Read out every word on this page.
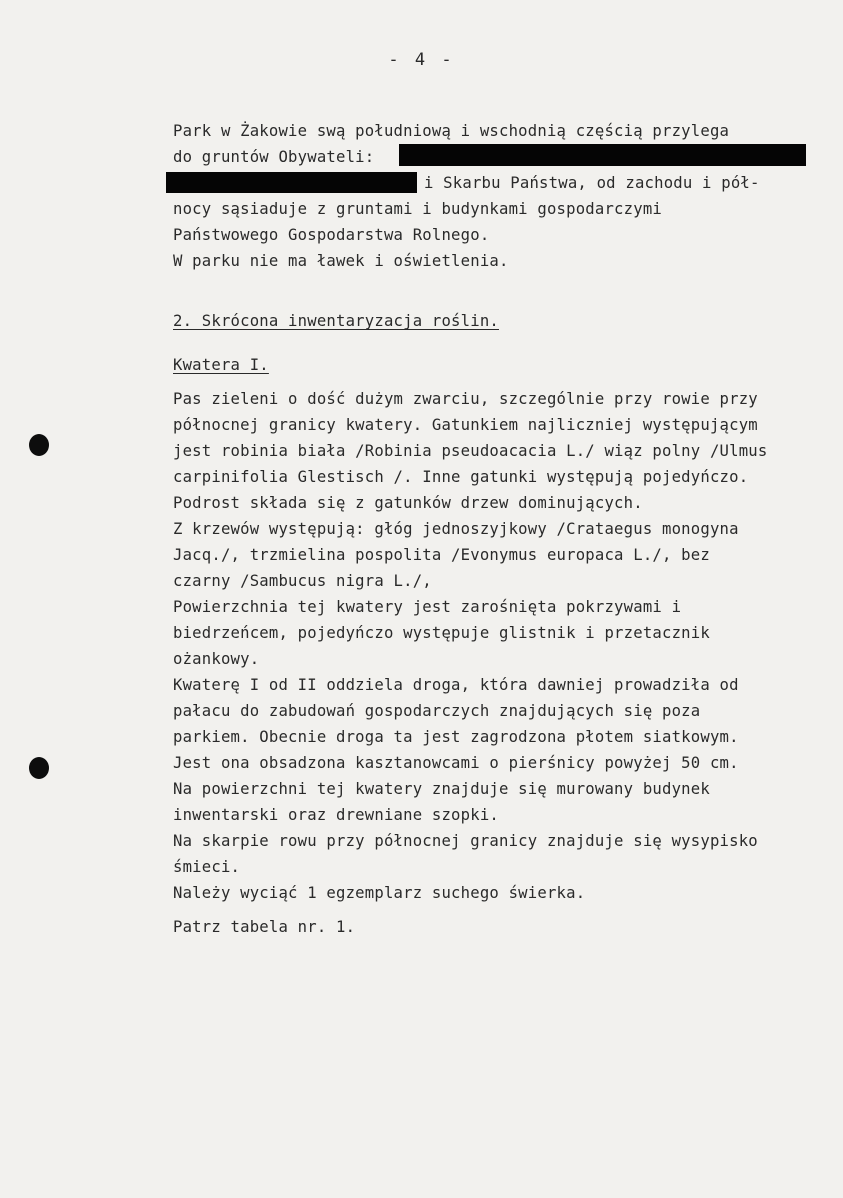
- 4 -
Park w Żakowie swą południową i wschodnią częścią przylega
do gruntów Obywateli:
i Skarbu Państwa, od zachodu i pół-
nocy sąsiaduje z gruntami i budynkami gospodarczymi
Państwowego Gospodarstwa Rolnego.
W parku nie ma ławek i oświetlenia.
2. Skrócona inwentaryzacja roślin.
Kwatera I.
Pas zieleni o dość dużym zwarciu, szczególnie przy rowie przy
północnej granicy kwatery. Gatunkiem najliczniej występującym
jest robinia biała /Robinia pseudoacacia L./ wiąz polny /Ulmus
carpinifolia Glestisch /. Inne gatunki występują pojedyńczo.
Podrost składa się z gatunków drzew dominujących.
Z krzewów występują: głóg jednoszyjkowy /Crataegus monogyna
Jacq./, trzmielina pospolita /Evonymus europaca L./, bez
czarny /Sambucus nigra L./,
Powierzchnia tej kwatery jest zarośnięta pokrzywami i
biedrzeńcem, pojedyńczo występuje glistnik i przetacznik
ożankowy.
Kwaterę I od II oddziela droga, która dawniej prowadziła od
pałacu do zabudowań gospodarczych znajdujących się poza
parkiem. Obecnie droga ta jest zagrodzona płotem siatkowym.
Jest ona obsadzona kasztanowcami o pierśnicy powyżej 50 cm.
Na powierzchni tej kwatery znajduje się murowany budynek
inwentarski oraz drewniane szopki.
Na skarpie rowu przy północnej granicy znajduje się wysypisko
śmieci.
Należy wyciąć 1 egzemplarz suchego świerka.
Patrz tabela nr. 1.
